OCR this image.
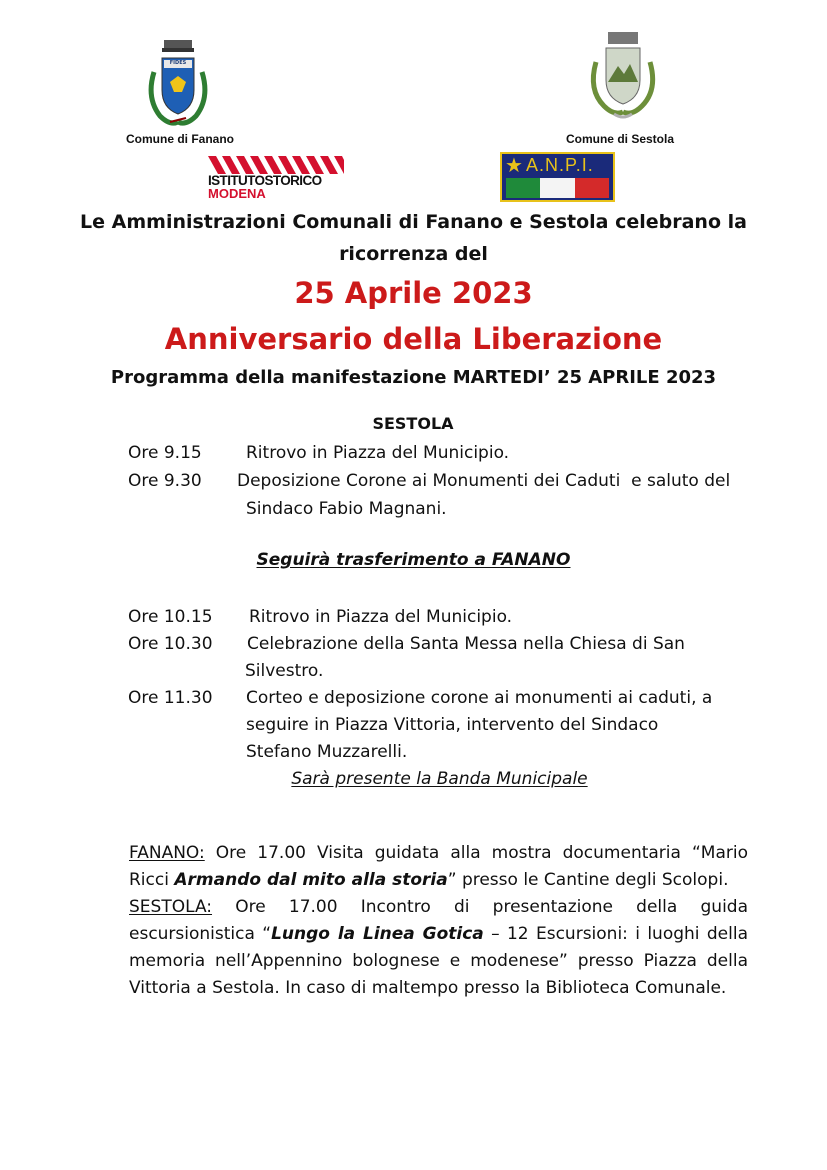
FIDES
Comune di Fanano	Comune di Sestola
ISTITUTOSTORICO
MODENA
★ A.N.P.I.
Le Amministrazioni Comunali di Fanano e Sestola celebrano la
ricorrenza del
25 Aprile 2023
Anniversario della Liberazione
Programma della manifestazione MARTEDI’ 25 APRILE 2023
SESTOLA
Ore 9.15	Ritrovo in Piazza del Municipio.
Ore 9.30 Deposizione Corone ai Monumenti dei Caduti  e saluto del
Sindaco Fabio Magnani.
Seguirà trasferimento a FANANO
Ore 10.15 Ritrovo in Piazza del Municipio.
Ore 10.30 Celebrazione della Santa Messa nella Chiesa di San
Silvestro.
Ore 11.30 Corteo e deposizione corone ai monumenti ai caduti, a
seguire in Piazza Vittoria, intervento del Sindaco
Stefano Muzzarelli.
Sarà presente la Banda Municipale
FANANO: Ore 17.00 Visita guidata alla mostra documentaria “Mario Ricci Armando dal mito alla storia” presso le Cantine degli Scolopi.
SESTOLA: Ore 17.00 Incontro di presentazione della guida escursionistica “Lungo la Linea Gotica – 12 Escursioni: i luoghi della memoria nell’Appennino bolognese e modenese” presso Piazza della Vittoria a Sestola. In caso di maltempo presso la Biblioteca Comunale.
